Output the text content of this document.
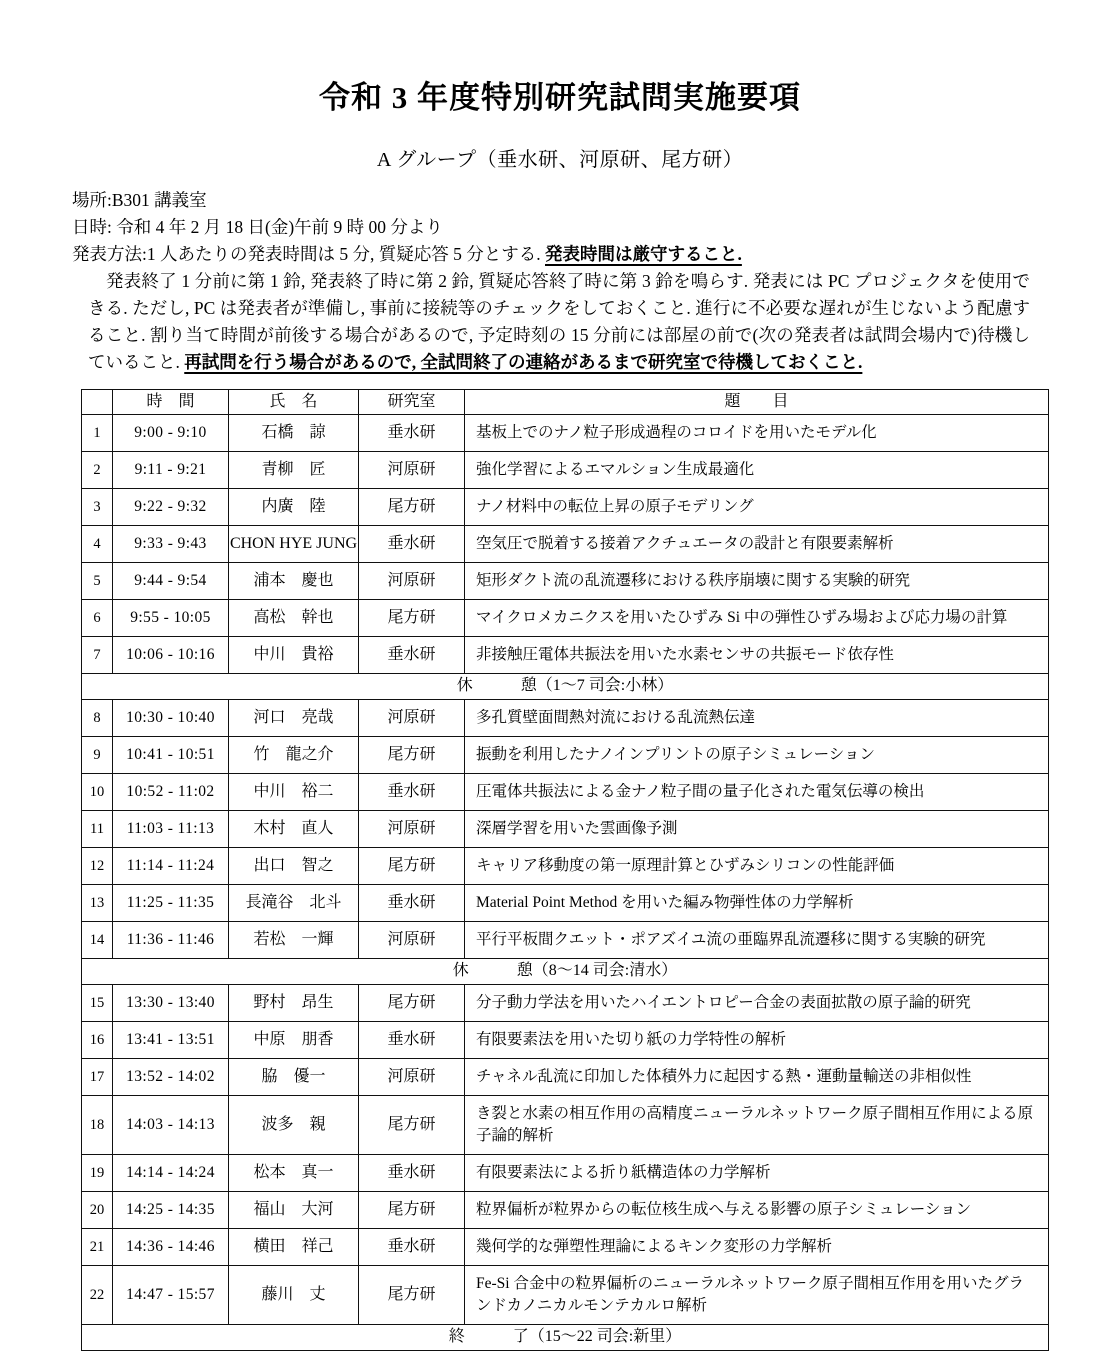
令和 3 年度特別研究試問実施要項
A グループ（垂水研、河原研、尾方研）
場所:B301 講義室
日時: 令和 4 年 2 月 18 日(金)午前 9 時 00 分より
発表方法:1 人あたりの発表時間は 5 分, 質疑応答 5 分とする. 発表時間は厳守すること.
発表終了 1 分前に第 1 鈴, 発表終了時に第 2 鈴, 質疑応答終了時に第 3 鈴を鳴らす. 発表には PC プロジェクタを使用できる. ただし, PC は発表者が準備し, 事前に接続等のチェックをしておくこと. 進行に不必要な遅れが生じないよう配慮すること. 割り当て時間が前後する場合があるので, 予定時刻の 15 分前には部屋の前で(次の発表者は試問会場内で)待機していること. 再試問を行う場合があるので, 全試問終了の連絡があるまで研究室で待機しておくこと.
	時　間	氏　名	研究室	題　　目
1	9:00 - 9:10	石橋　諒	垂水研	基板上でのナノ粒子形成過程のコロイドを用いたモデル化
2	9:11 - 9:21	青柳　匠	河原研	強化学習によるエマルション生成最適化
3	9:22 - 9:32	内廣　陸	尾方研	ナノ材料中の転位上昇の原子モデリング
4	9:33 - 9:43	CHON HYE JUNG	垂水研	空気圧で脱着する接着アクチュエータの設計と有限要素解析
5	9:44 - 9:54	浦本　慶也	河原研	矩形ダクト流の乱流遷移における秩序崩壊に関する実験的研究
6	9:55 - 10:05	高松　幹也	尾方研	マイクロメカニクスを用いたひずみ Si 中の弾性ひずみ場および応力場の計算
7	10:06 - 10:16	中川　貴裕	垂水研	非接触圧電体共振法を用いた水素センサの共振モード依存性
休　　　憩（1～7 司会:小林）				
8	10:30 - 10:40	河口　亮哉	河原研	多孔質壁面間熱対流における乱流熱伝達
9	10:41 - 10:51	竹　龍之介	尾方研	振動を利用したナノインプリントの原子シミュレーション
10	10:52 - 11:02	中川　裕二	垂水研	圧電体共振法による金ナノ粒子間の量子化された電気伝導の検出
11	11:03 - 11:13	木村　直人	河原研	深層学習を用いた雲画像予測
12	11:14 - 11:24	出口　智之	尾方研	キャリア移動度の第一原理計算とひずみシリコンの性能評価
13	11:25 - 11:35	長滝谷　北斗	垂水研	Material Point Method を用いた編み物弾性体の力学解析
14	11:36 - 11:46	若松　一輝	河原研	平行平板間クエット・ポアズイユ流の亜臨界乱流遷移に関する実験的研究
休　　　憩（8～14 司会:清水）				
15	13:30 - 13:40	野村　昂生	尾方研	分子動力学法を用いたハイエントロピー合金の表面拡散の原子論的研究
16	13:41 - 13:51	中原　朋香	垂水研	有限要素法を用いた切り紙の力学特性の解析
17	13:52 - 14:02	脇　優一	河原研	チャネル乱流に印加した体積外力に起因する熱・運動量輸送の非相似性
18	14:03 - 14:13	波多　親	尾方研	き裂と水素の相互作用の高精度ニューラルネットワーク原子間相互作用による原子論的解析
19	14:14 - 14:24	松本　真一	垂水研	有限要素法による折り紙構造体の力学解析
20	14:25 - 14:35	福山　大河	尾方研	粒界偏析が粒界からの転位核生成へ与える影響の原子シミュレーション
21	14:36 - 14:46	横田　祥己	垂水研	幾何学的な弾塑性理論によるキンク変形の力学解析
22	14:47 - 15:57	藤川　丈	尾方研	Fe-Si 合金中の粒界偏析のニューラルネットワーク原子間相互作用を用いたグランドカノニカルモンテカルロ解析
終　　　了（15～22 司会:新里）				
